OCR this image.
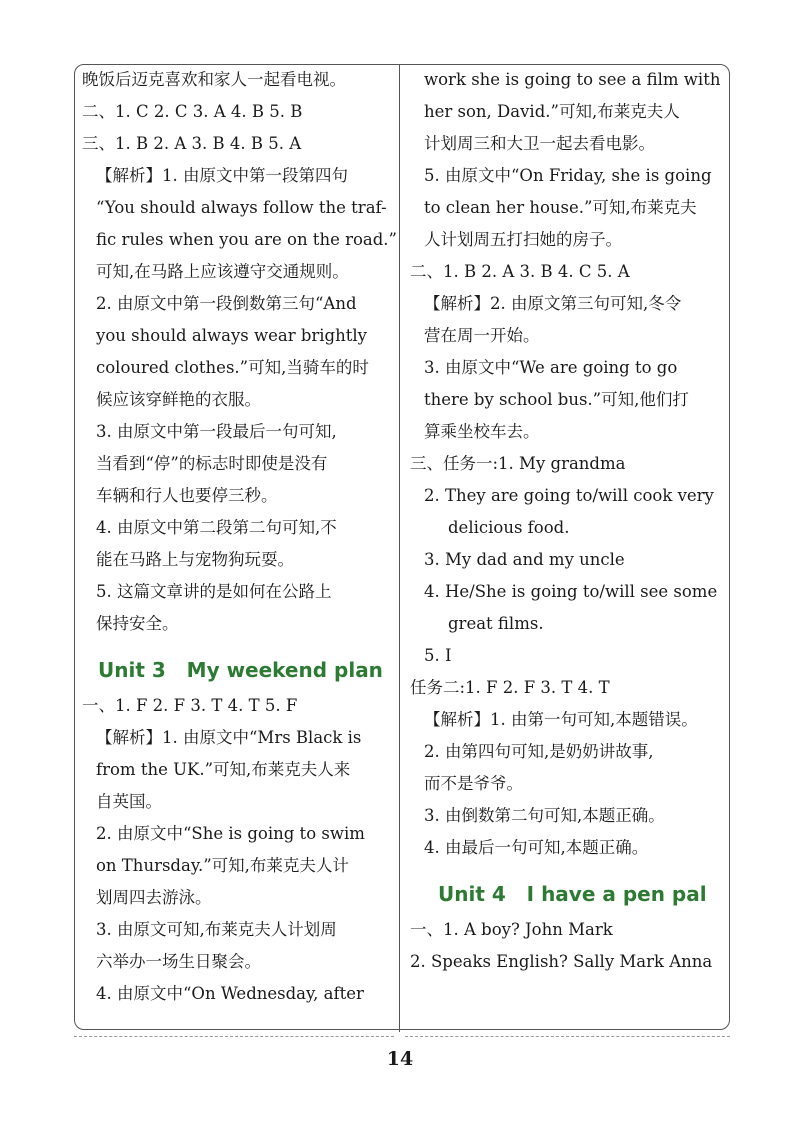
晚饭后迈克喜欢和家人一起看电视。
二、1. C 2. C 3. A 4. B 5. B
三、1. B 2. A 3. B 4. B 5. A
【解析】1. 由原文中第一段第四句
“You should always follow the traf-
fic rules when you are on the road.”
可知,在马路上应该遵守交通规则。
2. 由原文中第一段倒数第三句“And
you should always wear brightly
coloured clothes.”可知,当骑车的时
候应该穿鲜艳的衣服。
3. 由原文中第一段最后一句可知,
当看到“停”的标志时即使是没有
车辆和行人也要停三秒。
4. 由原文中第二段第二句可知,不
能在马路上与宠物狗玩耍。
5. 这篇文章讲的是如何在公路上
保持安全。
Unit 3   My weekend plan
一、1. F 2. F 3. T 4. T 5. F
【解析】1. 由原文中“Mrs Black is
from the UK.”可知,布莱克夫人来
自英国。
2. 由原文中“She is going to swim
on Thursday.”可知,布莱克夫人计
划周四去游泳。
3. 由原文可知,布莱克夫人计划周
六举办一场生日聚会。
4. 由原文中“On Wednesday, after
work she is going to see a film with
her son, David.”可知,布莱克夫人
计划周三和大卫一起去看电影。
5. 由原文中“On Friday, she is going
to clean her house.”可知,布莱克夫
人计划周五打扫她的房子。
二、1. B 2. A 3. B 4. C 5. A
【解析】2. 由原文第三句可知,冬令
营在周一开始。
3. 由原文中“We are going to go
there by school bus.”可知,他们打
算乘坐校车去。
三、任务一:1. My grandma
2. They are going to/will cook very
delicious food.
3. My dad and my uncle
4. He/She is going to/will see some
great films.
5. I
任务二:1. F 2. F 3. T 4. T
【解析】1. 由第一句可知,本题错误。
2. 由第四句可知,是奶奶讲故事,
而不是爷爷。
3. 由倒数第二句可知,本题正确。
4. 由最后一句可知,本题正确。
Unit 4   I have a pen pal
一、1. A boy? John Mark
2. Speaks English? Sally Mark Anna
14
